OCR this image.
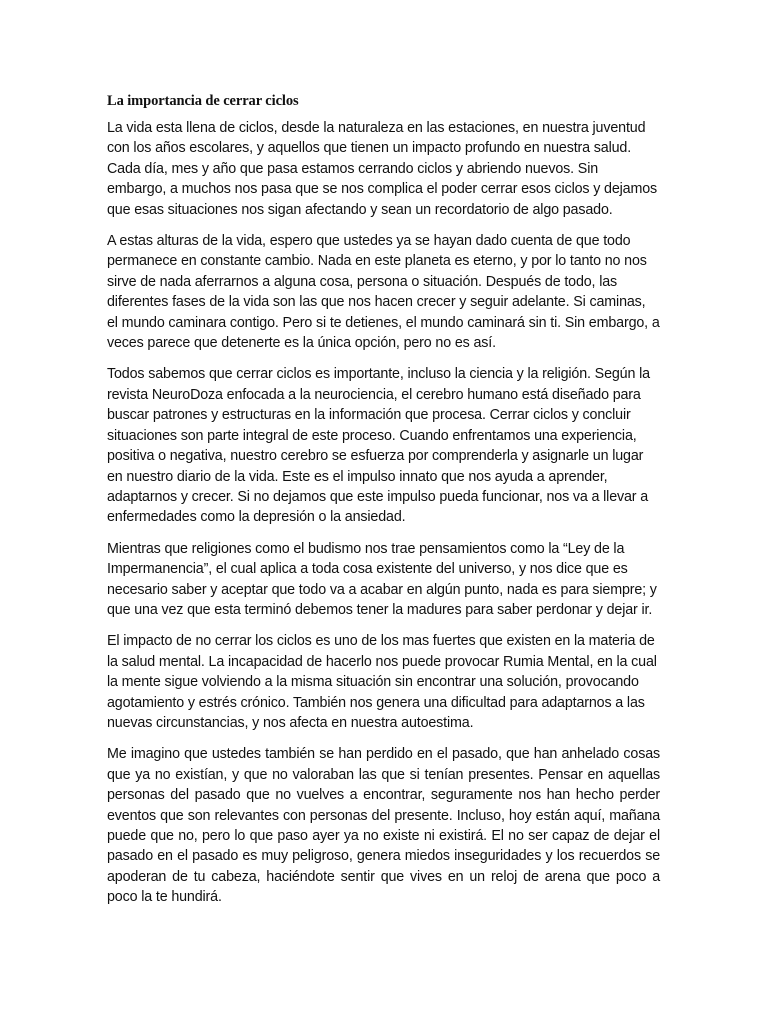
La importancia de cerrar ciclos

La vida esta llena de ciclos, desde la naturaleza en las estaciones, en nuestra juventud con los años escolares, y aquellos que tienen un impacto profundo en nuestra salud. Cada día, mes y año que pasa estamos cerrando ciclos y abriendo nuevos. Sin embargo, a muchos nos pasa que se nos complica el poder cerrar esos ciclos y dejamos que esas situaciones nos sigan afectando y sean un recordatorio de algo pasado.

A estas alturas de la vida, espero que ustedes ya se hayan dado cuenta de que todo permanece en constante cambio. Nada en este planeta es eterno, y por lo tanto no nos sirve de nada aferrarnos a alguna cosa, persona o situación. Después de todo, las diferentes fases de la vida son las que nos hacen crecer y seguir adelante. Si caminas, el mundo caminara contigo. Pero si te detienes, el mundo caminará sin ti. Sin embargo, a veces parece que detenerte es la única opción, pero no es así.

Todos sabemos que cerrar ciclos es importante, incluso la ciencia y la religión. Según la revista NeuroDoza enfocada a la neurociencia, el cerebro humano está diseñado para buscar patrones y estructuras en la información que procesa. Cerrar ciclos y concluir situaciones son parte integral de este proceso. Cuando enfrentamos una experiencia, positiva o negativa, nuestro cerebro se esfuerza por comprenderla y asignarle un lugar en nuestro diario de la vida. Este es el impulso innato que nos ayuda a aprender, adaptarnos y crecer. Si no dejamos que este impulso pueda funcionar, nos va a llevar a enfermedades como la depresión o la ansiedad.

Mientras que religiones como el budismo nos trae pensamientos como la “Ley de la Impermanencia”, el cual aplica a toda cosa existente del universo, y nos dice que es necesario saber y aceptar que todo va a acabar en algún punto, nada es para siempre; y que una vez que esta terminó debemos tener la madures para saber perdonar y dejar ir.

El impacto de no cerrar los ciclos es uno de los mas fuertes que existen en la materia de la salud mental. La incapacidad de hacerlo nos puede provocar Rumia Mental, en la cual la mente sigue volviendo a la misma situación sin encontrar una solución, provocando agotamiento y estrés crónico. También nos genera una dificultad para adaptarnos a las nuevas circunstancias, y nos afecta en nuestra autoestima.

Me imagino que ustedes también se han perdido en el pasado, que han anhelado cosas que ya no existían, y que no valoraban las que si tenían presentes. Pensar en aquellas personas del pasado que no vuelves a encontrar, seguramente nos han hecho perder eventos que son relevantes con personas del presente. Incluso, hoy están aquí, mañana puede que no, pero lo que paso ayer ya no existe ni existirá. El no ser capaz de dejar el pasado en el pasado es muy peligroso, genera miedos inseguridades y los recuerdos se apoderan de tu cabeza, haciéndote sentir que vives en un reloj de arena que poco a poco la te hundirá.
